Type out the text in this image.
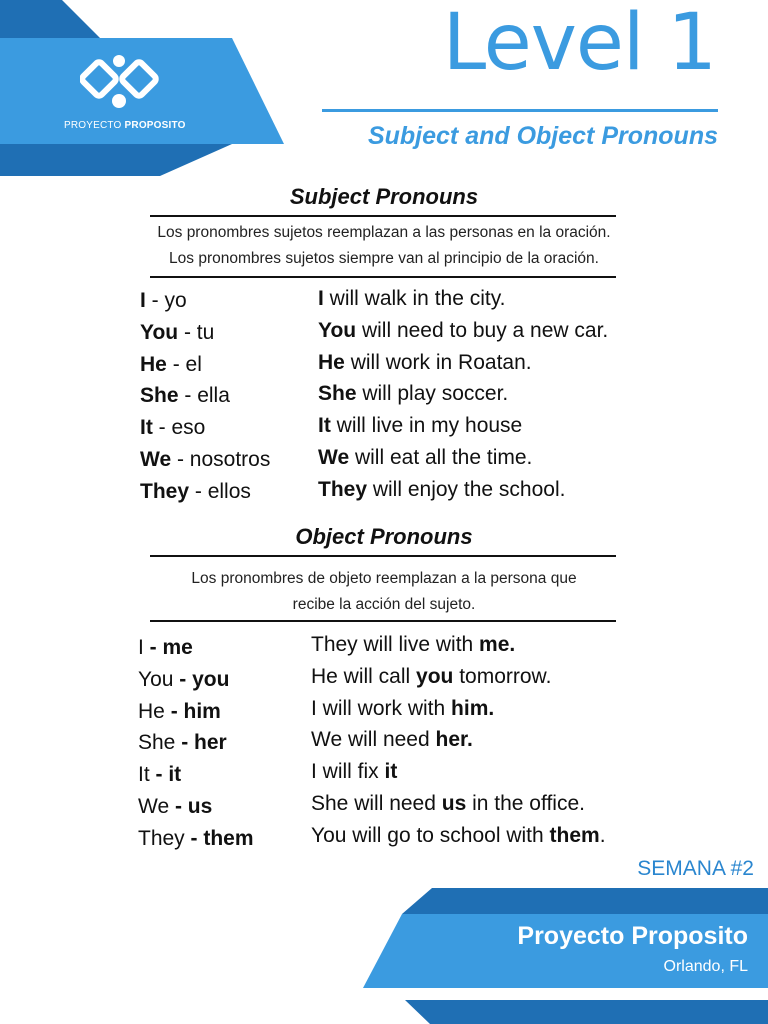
PROYECTO PROPOSITO
Level 1
Subject and Object Pronouns
Subject Pronouns
Los pronombres sujetos reemplazan a las personas en la oración.
Los pronombres sujetos siempre van al principio de la oración.
I - yo
You - tu
He - el
She - ella
It - eso
We - nosotros
They - ellos
I will walk in the city.
You will need to buy a new car.
He will work in Roatan.
She will play soccer.
It will live in my house
We will eat all the time.
They will enjoy the school.
Object Pronouns
Los pronombres de objeto reemplazan a la persona que
recibe la acción del sujeto.
I - me
You - you
He - him
She - her
It - it
We - us
They - them
They will live with me.
He will call you tomorrow.
I will work with him.
We will need her.
I will fix it
She will need us in the office.
You will go to school with them.
SEMANA #2
Proyecto Proposito
Orlando, FL
